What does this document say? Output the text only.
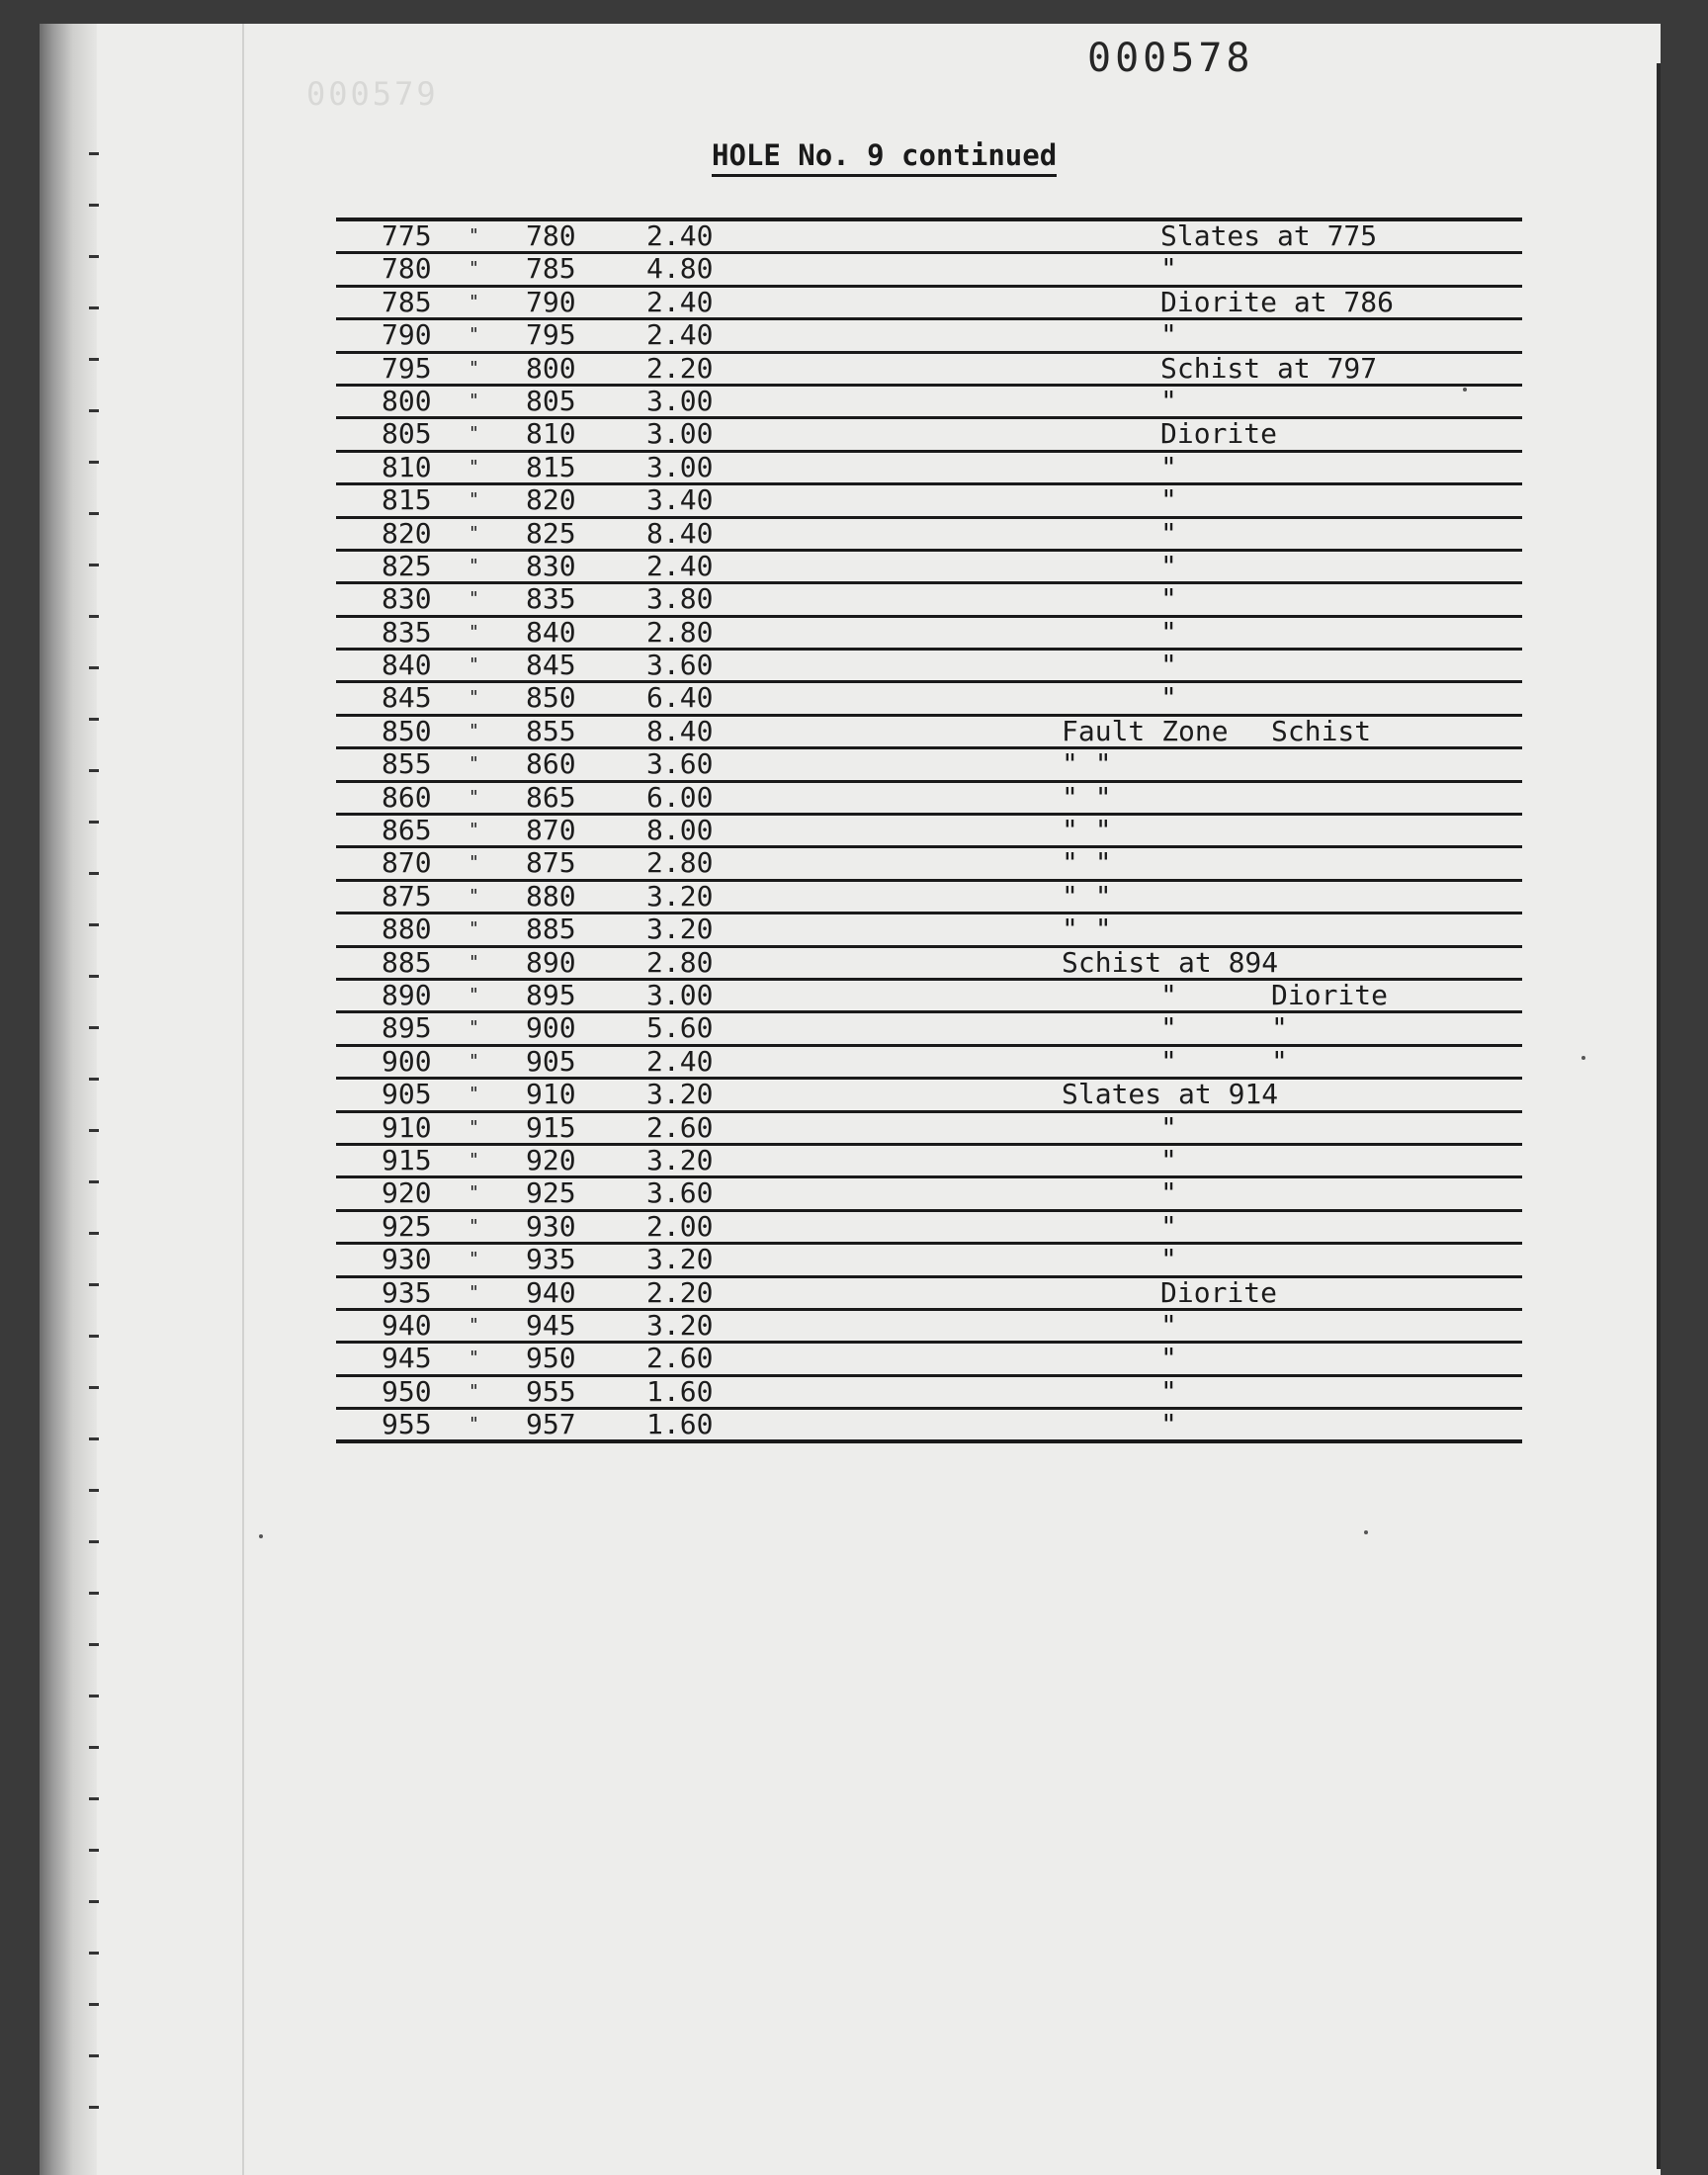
000579
000578
HOLE No. 9 continued
775 " 780	2.40	Slates at 775
780 " 785	4.80	"
785 " 790	2.40	Diorite at 786
790 " 795	2.40	"
795 " 800	2.20	Schist at 797
800 " 805	3.00	"
805 " 810	3.00	Diorite
810 " 815	3.00	"
815 " 820	3.40	"
820 " 825	8.40	"
825 " 830	2.40	"
830 " 835	3.80	"
835 " 840	2.80	"
840 " 845	3.60	"
845 " 850	6.40	"
850 " 855	8.40	Fault Zone Schist
855 " 860	3.60	" "
860 " 865	6.00	" "
865 " 870	8.00	" "
870 " 875	2.80	" "
875 " 880	3.20	" "
880 " 885	3.20	" "
885 " 890	2.80	Schist at 894
890 " 895	3.00	"	Diorite
895 " 900	5.60	"	"
900 " 905	2.40	"	"
905 " 910	3.20	Slates at 914
910 " 915	2.60	"
915 " 920	3.20	"
920 " 925	3.60	"
925 " 930	2.00	"
930 " 935	3.20	"
935 " 940	2.20	Diorite
940 " 945	3.20	"
945 " 950	2.60	"
950 " 955	1.60	"
955 " 957	1.60	"
